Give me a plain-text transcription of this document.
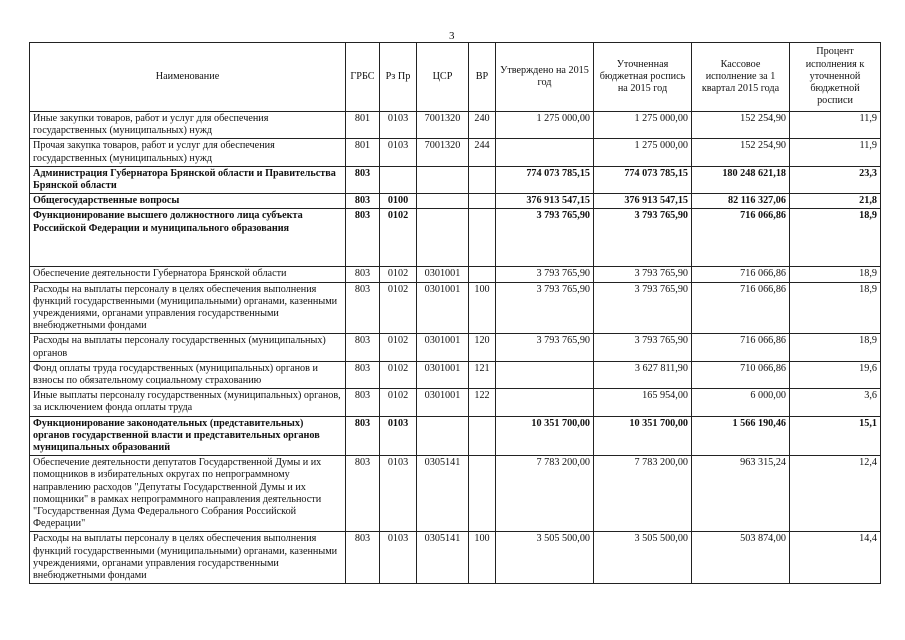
3
Наименование	ГРБС	Рз Пр	ЦСР	ВР	Утверждено на 2015 год	Уточненная бюджетная роспись на 2015 год	Кассовое исполнение за 1 квартал 2015 года	Процент исполнения к уточненной бюджетной росписи
Иные закупки товаров, работ и услуг для обеспечения государственных (муниципальных) нужд	801	0103	7001320	240	1 275 000,00	1 275 000,00	152 254,90	11,9
Прочая закупка товаров, работ и услуг для обеспечения государственных (муниципальных) нужд	801	0103	7001320	244		1 275 000,00	152 254,90	11,9
Администрация Губернатора Брянской области и Правительства Брянской области	803				774 073 785,15	774 073 785,15	180 248 621,18	23,3
Общегосударственные вопросы	803	0100			376 913 547,15	376 913 547,15	82 116 327,06	21,8
Функционирование высшего должностного лица субъекта Российской Федерации и муниципального образования	803	0102			3 793 765,90	3 793 765,90	716 066,86	18,9
Обеспечение деятельности Губернатора Брянской области	803	0102	0301001		3 793 765,90	3 793 765,90	716 066,86	18,9
Расходы на выплаты персоналу в целях обеспечения выполнения функций государственными (муниципальными) органами, казенными учреждениями, органами управления государственными внебюджетными фондами	803	0102	0301001	100	3 793 765,90	3 793 765,90	716 066,86	18,9
Расходы на выплаты персоналу государственных (муниципальных) органов	803	0102	0301001	120	3 793 765,90	3 793 765,90	716 066,86	18,9
Фонд оплаты труда государственных (муниципальных) органов и взносы по обязательному социальному страхованию	803	0102	0301001	121		3 627 811,90	710 066,86	19,6
Иные выплаты персоналу государственных (муниципальных) органов, за исключением фонда оплаты труда	803	0102	0301001	122		165 954,00	6 000,00	3,6
Функционирование законодательных (представительных) органов государственной власти и представительных органов муниципальных образований	803	0103			10 351 700,00	10 351 700,00	1 566 190,46	15,1
Обеспечение деятельности депутатов Государственной Думы и их помощников в избирательных округах по непрограммному направлению расходов "Депутаты Государственной Думы и их помощники" в рамках непрограммного направления деятельности "Государственная Дума Федерального Собрания Российской Федерации"	803	0103	0305141		7 783 200,00	7 783 200,00	963 315,24	12,4
Расходы на выплаты персоналу в целях обеспечения выполнения функций государственными (муниципальными) органами, казенными учреждениями, органами управления государственными внебюджетными фондами	803	0103	0305141	100	3 505 500,00	3 505 500,00	503 874,00	14,4
